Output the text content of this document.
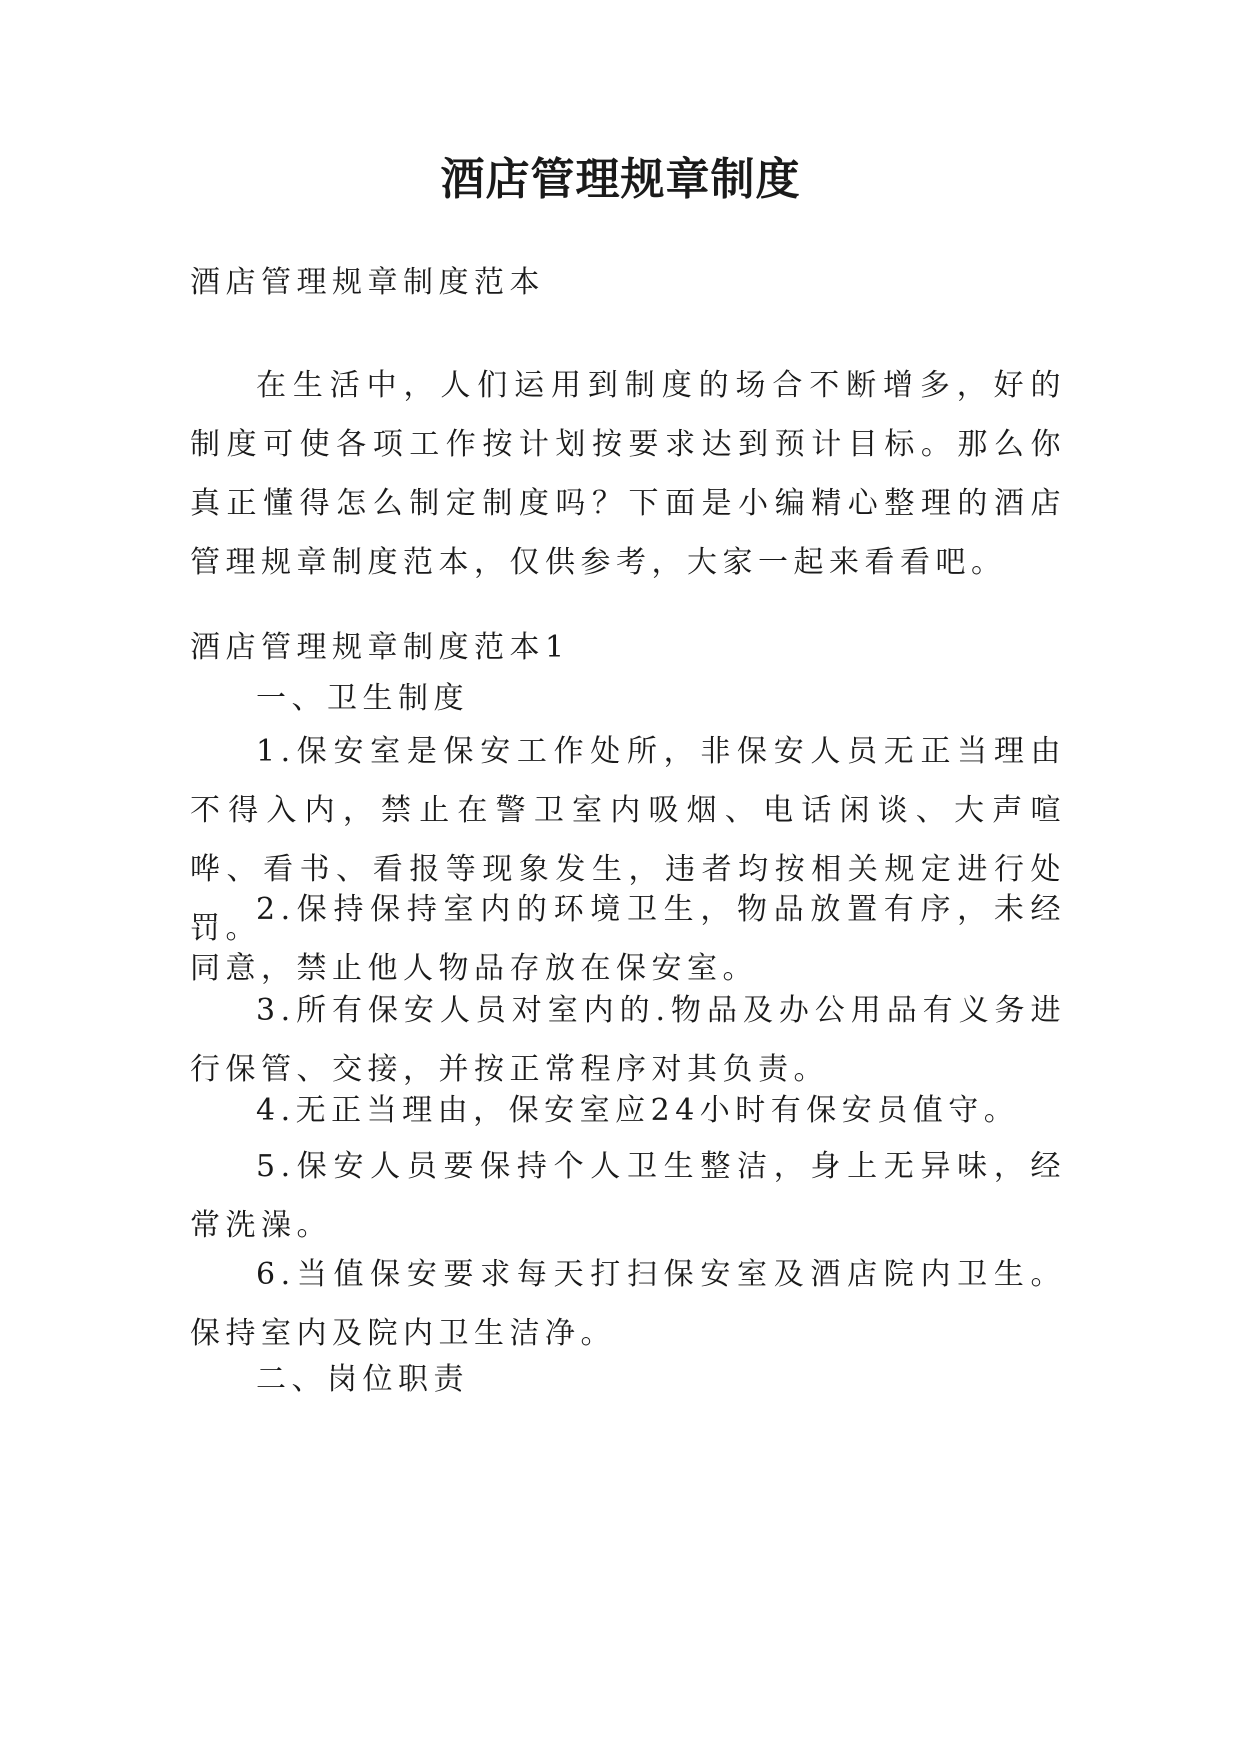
酒店管理规章制度

酒店管理规章制度范本

在生活中，人们运用到制度的场合不断增多，好的制度可使各项工作按计划按要求达到预计目标。那么你真正懂得怎么制定制度吗？下面是小编精心整理的酒店管理规章制度范本，仅供参考，大家一起来看看吧。

酒店管理规章制度范本1

一、卫生制度

1.保安室是保安工作处所，非保安人员无正当理由不得入内，禁止在警卫室内吸烟、电话闲谈、大声喧哗、看书、看报等现象发生，违者均按相关规定进行处罚。

2.保持保持室内的环境卫生，物品放置有序，未经同意，禁止他人物品存放在保安室。

3.所有保安人员对室内的.物品及办公用品有义务进行保管、交接，并按正常程序对其负责。

4.无正当理由，保安室应24小时有保安员值守。

5.保安人员要保持个人卫生整洁，身上无异味，经常洗澡。

6.当值保安要求每天打扫保安室及酒店院内卫生。保持室内及院内卫生洁净。

二、岗位职责
